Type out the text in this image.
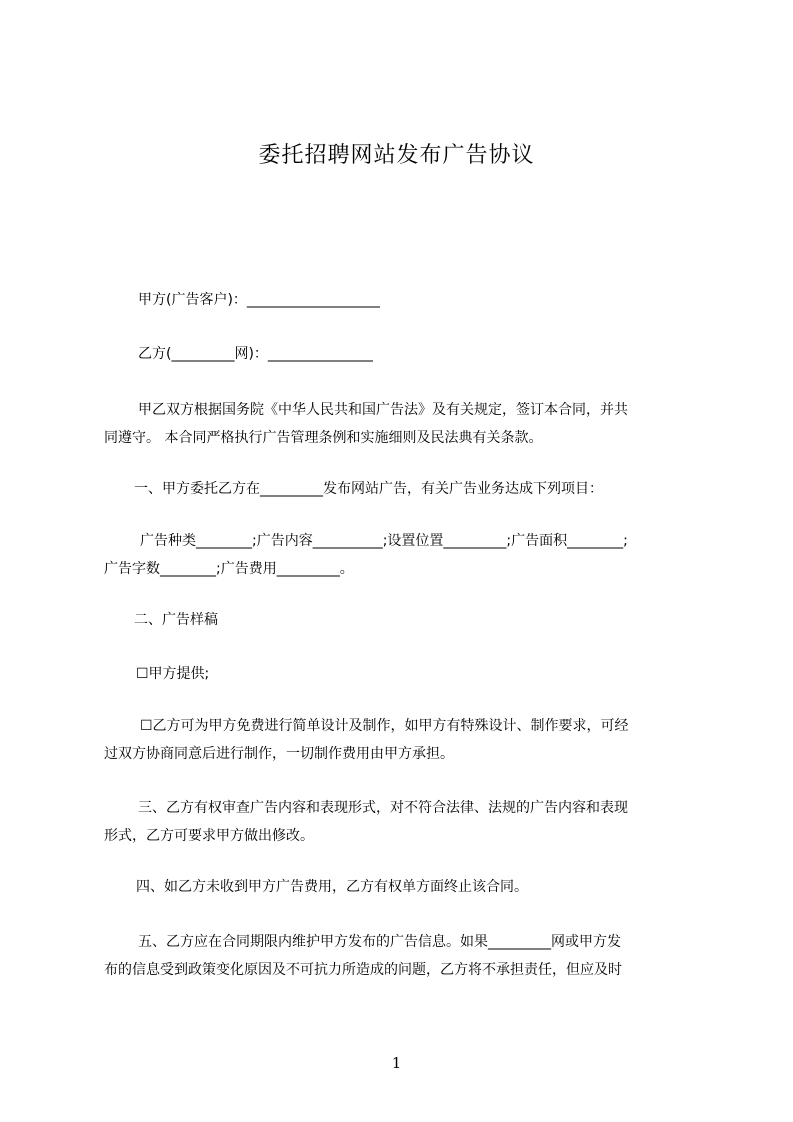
委托招聘网站发布广告协议
甲方(广告客户)：___________________
乙方(_________网)：_______________
甲乙双方根据国务院《中华人民共和国广告法》及有关规定，签订本合同，并共
同遵守。 本合同严格执行广告管理条例和实施细则及民法典有关条款。
一、甲方委托乙方在_________发布网站广告，有关广告业务达成下列项目：
广告种类________;广告内容__________;设置位置_________;广告面积________;
广告字数________;广告费用_________。
二、广告样稿
☐甲方提供;
☐乙方可为甲方免费进行简单设计及制作，如甲方有特殊设计、制作要求，可经
过双方协商同意后进行制作，一切制作费用由甲方承担。
三、乙方有权审查广告内容和表现形式，对不符合法律、法规的广告内容和表现
形式，乙方可要求甲方做出修改。
四、如乙方未收到甲方广告费用，乙方有权单方面终止该合同。
五、乙方应在合同期限内维护甲方发布的广告信息。如果_________网或甲方发
布的信息受到政策变化原因及不可抗力所造成的问题，乙方将不承担责任，但应及时
1
